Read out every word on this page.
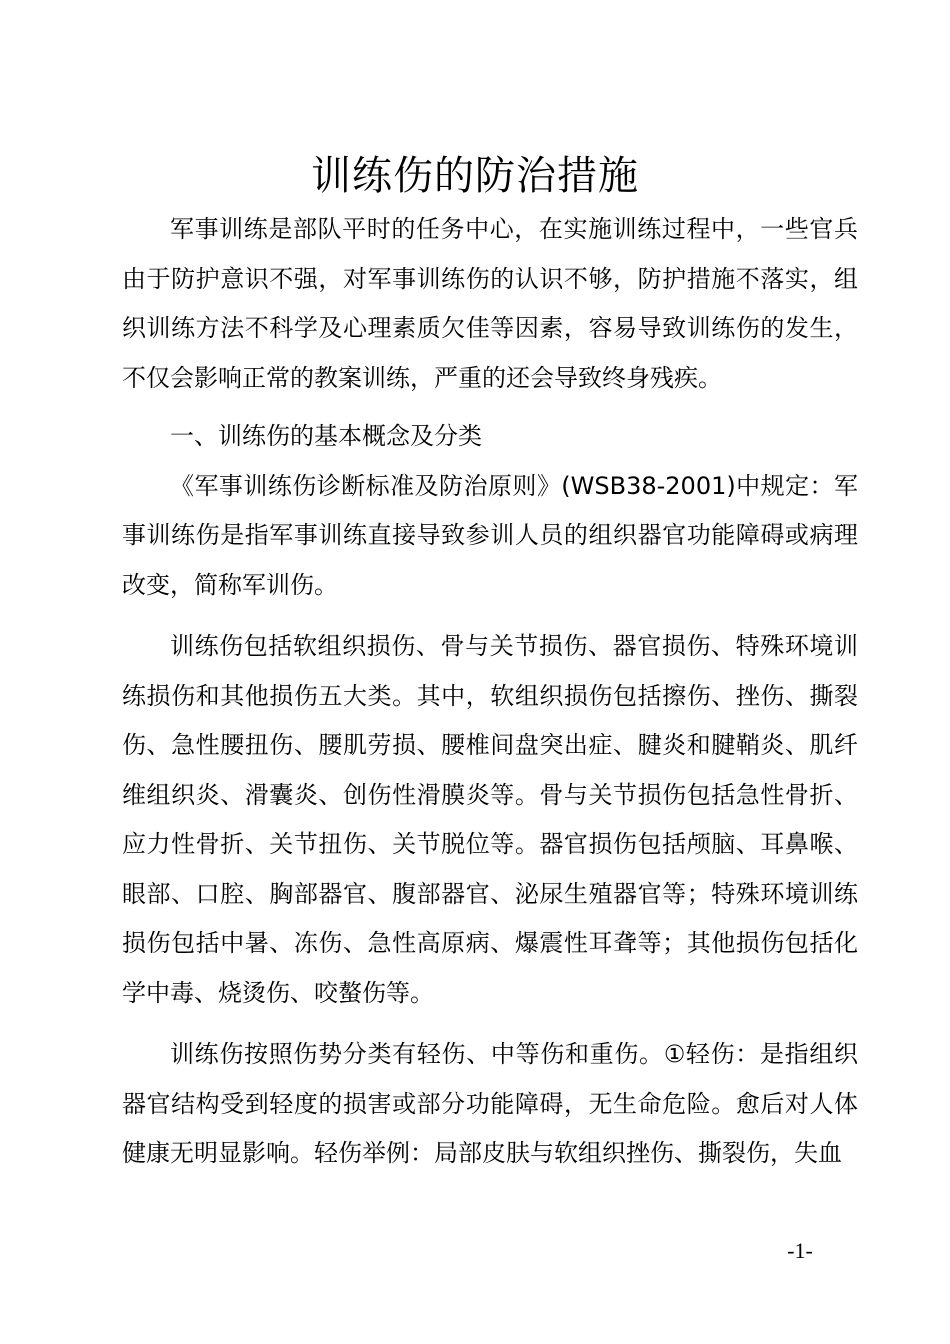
训练伤的防治措施

军事训练是部队平时的任务中心，在实施训练过程中，一些官兵由于防护意识不强，对军事训练伤的认识不够，防护措施不落实，组织训练方法不科学及心理素质欠佳等因素，容易导致训练伤的发生，不仅会影响正常的教案训练，严重的还会导致终身残疾。

一、训练伤的基本概念及分类

《军事训练伤诊断标准及防治原则》(WSB38-2001)中规定：军事训练伤是指军事训练直接导致参训人员的组织器官功能障碍或病理改变，简称军训伤。

训练伤包括软组织损伤、骨与关节损伤、器官损伤、特殊环境训练损伤和其他损伤五大类。其中，软组织损伤包括擦伤、挫伤、撕裂伤、急性腰扭伤、腰肌劳损、腰椎间盘突出症、腱炎和腱鞘炎、肌纤维组织炎、滑囊炎、创伤性滑膜炎等。骨与关节损伤包括急性骨折、应力性骨折、关节扭伤、关节脱位等。器官损伤包括颅脑、耳鼻喉、眼部、口腔、胸部器官、腹部器官、泌尿生殖器官等；特殊环境训练损伤包括中暑、冻伤、急性高原病、爆震性耳聋等；其他损伤包括化学中毒、烧烫伤、咬螯伤等。

训练伤按照伤势分类有轻伤、中等伤和重伤。①轻伤：是指组织器官结构受到轻度的损害或部分功能障碍，无生命危险。愈后对人体健康无明显影响。轻伤举例：局部皮肤与软组织挫伤、撕裂伤，失血

-1-
